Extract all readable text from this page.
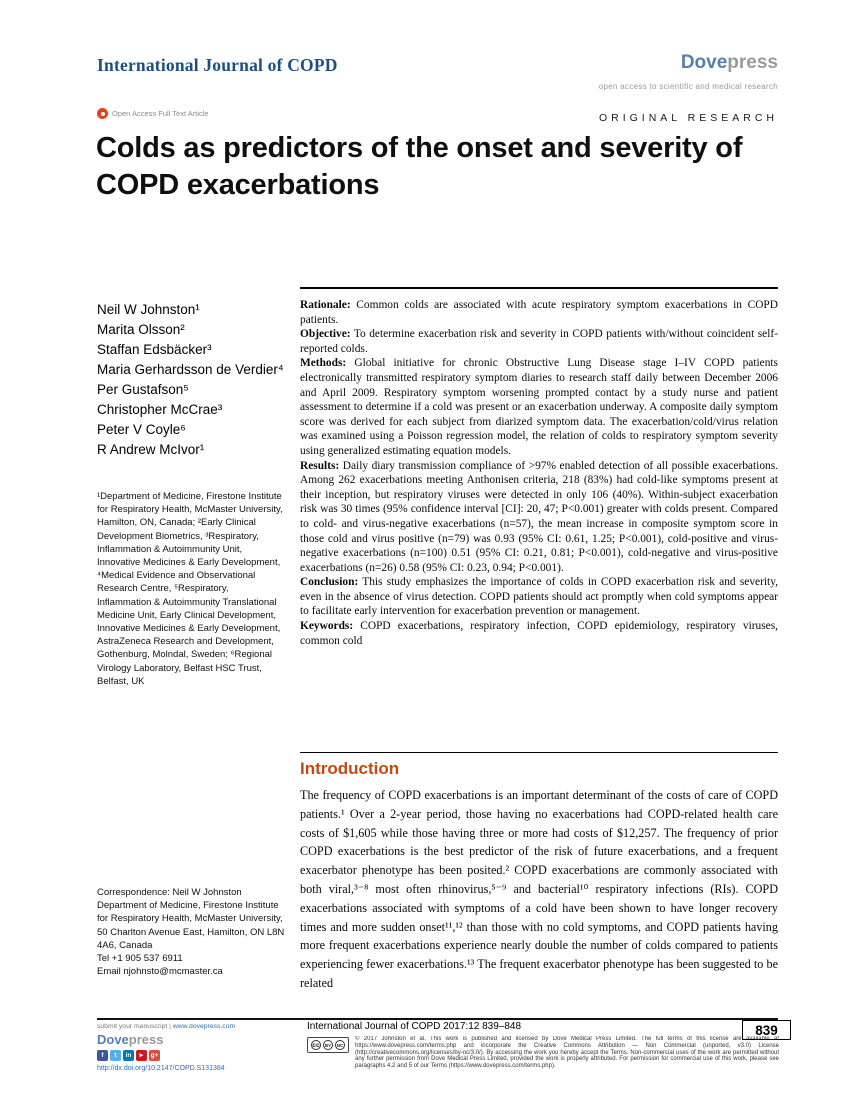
International Journal of COPD	Dovepress
open access to scientific and medical research
Open Access Full Text Article	ORIGINAL RESEARCH
Colds as predictors of the onset and severity of
COPD exacerbations
Neil W Johnston¹
Marita Olsson²
Staffan Edsbäcker³
Maria Gerhardsson de Verdier⁴
Per Gustafson⁵
Christopher McCrae³
Peter V Coyle⁶
R Andrew McIvor¹
¹Department of Medicine, Firestone Institute for Respiratory Health, McMaster University, Hamilton, ON, Canada; ²Early Clinical Development Biometrics, ³Respiratory, Inflammation & Autoimmunity Unit, Innovative Medicines & Early Development, ⁴Medical Evidence and Observational Research Centre, ⁵Respiratory, Inflammation & Autoimmunity Translational Medicine Unit, Early Clinical Development, Innovative Medicines & Early Development, AstraZeneca Research and Development, Gothenburg, Molndal, Sweden; ⁶Regional Virology Laboratory, Belfast HSC Trust, Belfast, UK
Correspondence: Neil W Johnston
Department of Medicine, Firestone Institute for Respiratory Health, McMaster University, 50 Charlton Avenue East, Hamilton, ON L8N 4A6, Canada
Tel +1 905 537 6911
Email njohnsto@mcmaster.ca

Rationale: Common colds are associated with acute respiratory symptom exacerbations in COPD patients.

Objective: To determine exacerbation risk and severity in COPD patients with/without coincident self-reported colds.

Methods: Global initiative for chronic Obstructive Lung Disease stage I–IV COPD patients electronically transmitted respiratory symptom diaries to research staff daily between December 2006 and April 2009. Respiratory symptom worsening prompted contact by a study nurse and patient assessment to determine if a cold was present or an exacerbation underway. A composite daily symptom score was derived for each subject from diarized symptom data. The exacerbation/cold/virus relation was examined using a Poisson regression model, the relation of colds to respiratory symptom severity using generalized estimating equation models.

Results: Daily diary transmission compliance of >97% enabled detection of all possible exacerbations. Among 262 exacerbations meeting Anthonisen criteria, 218 (83%) had cold-like symptoms present at their inception, but respiratory viruses were detected in only 106 (40%). Within-subject exacerbation risk was 30 times (95% confidence interval [CI]: 20, 47; P<0.001) greater with colds present. Compared to cold- and virus-negative exacerbations (n=57), the mean increase in composite symptom score in those cold and virus positive (n=79) was 0.93 (95% CI: 0.61, 1.25; P<0.001), cold-positive and virus-negative exacerbations (n=100) 0.51 (95% CI: 0.21, 0.81; P<0.001), cold-negative and virus-positive exacerbations (n=26) 0.58 (95% CI: 0.23, 0.94; P<0.001).

Conclusion: This study emphasizes the importance of colds in COPD exacerbation risk and severity, even in the absence of virus detection. COPD patients should act promptly when cold symptoms appear to facilitate early intervention for exacerbation prevention or management.

Keywords: COPD exacerbations, respiratory infection, COPD epidemiology, respiratory viruses, common cold

Introduction

The frequency of COPD exacerbations is an important determinant of the costs of care of COPD patients.¹ Over a 2-year period, those having no exacerbations had COPD-related health care costs of $1,605 while those having three or more had costs of $12,257. The frequency of prior COPD exacerbations is the best predictor of the risk of future exacerbations, and a frequent exacerbator phenotype has been posited.² COPD exacerbations are commonly associated with both viral,³⁻⁸ most often rhinovirus,⁵⁻⁹ and bacterial¹⁰ respiratory infections (RIs). COPD exacerbations associated with symptoms of a cold have been shown to have longer recovery times and more sudden onset¹¹,¹² than those with no cold symptoms, and COPD patients having more frequent exacerbations experience nearly double the number of colds compared to patients experiencing fewer exacerbations.¹³ The frequent exacerbator phenotype has been suggested to be related

submit your manuscript | www.dovepress.com
Dovepress
f	t	in	► g+
http://dx.doi.org/10.2147/COPD.S131384
International Journal of COPD 2017:12 839–848
cc	BY	NC
© 2017 Johnston et al. This work is published and licensed by Dove Medical Press Limited. The full terms of this license are available at https://www.dovepress.com/terms.php and incorporate the Creative Commons Attribution — Non Commercial (unported, v3.0) License (http://creativecommons.org/licenses/by-nc/3.0/). By accessing the work you hereby accept the Terms. Non-commercial uses of the work are permitted without any further permission from Dove Medical Press Limited, provided the work is properly attributed. For permission for commercial use of this work, please see paragraphs 4.2 and 5 of our Terms (https://www.dovepress.com/terms.php).
839
